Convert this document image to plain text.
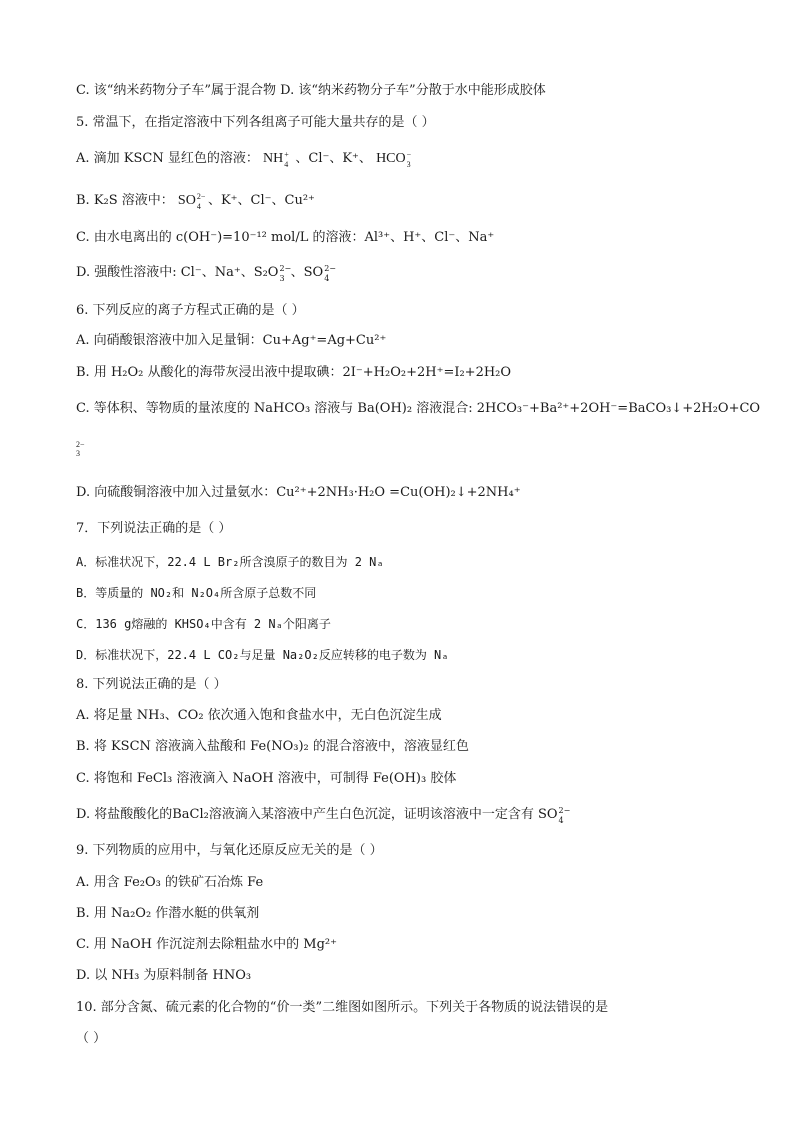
C. 该“纳米药物分子车”属于混合物 D. 该“纳米药物分子车”分散于水中能形成胶体
5. 常温下，在指定溶液中下列各组离子可能大量共存的是（ ）
A. 滴加 KSCN 显红色的溶液： NH +
4 、Cl⁻、K⁺、 HCO −
3
B. K₂S 溶液中： SO 2−
4 、K⁺、Cl⁻、Cu²⁺
C. 由水电离出的 c(OH⁻)=10⁻¹² mol/L 的溶液：Al³⁺、H⁺、Cl⁻、Na⁺
D. 强酸性溶液中: Cl⁻、Na⁺、S₂O 2−
3 、SO 2−
4
6. 下列反应的离子方程式正确的是（ ）
A. 向硝酸银溶液中加入足量铜：Cu+Ag⁺=Ag+Cu²⁺
B. 用 H₂O₂ 从酸化的海带灰浸出液中提取碘：2I⁻+H₂O₂+2H⁺=I₂+2H₂O
C. 等体积、等物质的量浓度的 NaHCO₃ 溶液与 Ba(OH)₂ 溶液混合: 2HCO₃⁻+Ba²⁺+2OH⁻=BaCO₃↓+2H₂O+CO
2−
3
D. 向硫酸铜溶液中加入过量氨水：Cu²⁺+2NH₃·H₂O =Cu(OH)₂↓+2NH₄⁺
7．下列说法正确的是（ ）
A．标准状况下，22.4 L Br₂所含溴原子的数目为 2 Nₐ
B．等质量的 NO₂和 N₂O₄所含原子总数不同
C．136 g熔融的 KHSO₄中含有 2 Nₐ个阳离子
D．标准状况下，22.4 L CO₂与足量 Na₂O₂反应转移的电子数为 Nₐ
8. 下列说法正确的是（ ）
A. 将足量 NH₃、CO₂ 依次通入饱和食盐水中，无白色沉淀生成
B. 将 KSCN 溶液滴入盐酸和 Fe(NO₃)₂ 的混合溶液中，溶液显红色
C. 将饱和 FeCl₃ 溶液滴入 NaOH 溶液中，可制得 Fe(OH)₃ 胶体
D. 将盐酸酸化的BaCl₂溶液滴入某溶液中产生白色沉淀，证明该溶液中一定含有 SO 2−
4
9. 下列物质的应用中，与氧化还原反应无关的是（ ）
A. 用含 Fe₂O₃ 的铁矿石冶炼 Fe
B. 用 Na₂O₂ 作潜水艇的供氧剂
C. 用 NaOH 作沉淀剂去除粗盐水中的 Mg²⁺
D. 以 NH₃ 为原料制备 HNO₃
10. 部分含氮、硫元素的化合物的“价一类”二维图如图所示。下列关于各物质的说法错误的是
（ ）
